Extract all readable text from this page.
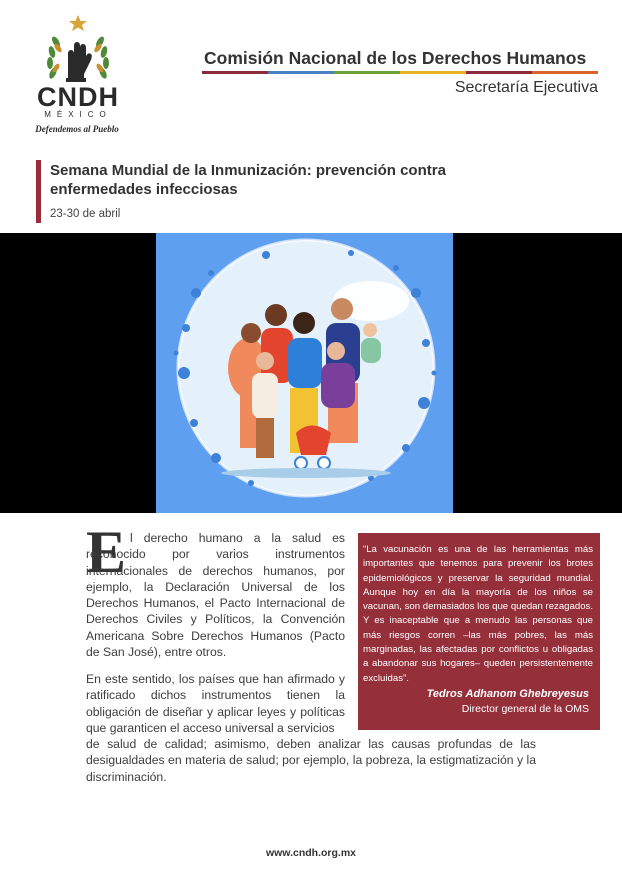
CNDH
MÉXICO
Defendemos al Pueblo
Comisión Nacional de los Derechos Humanos
Secretaría Ejecutiva
Semana Mundial de la Inmunización: prevención contra enfermedades infecciosas
23-30 de abril
E l derecho humano a la salud es reconocido por varios instrumentos internacionales de derechos humanos, por ejemplo, la Declaración Universal de los Derechos Humanos, el Pacto Internacional de Derechos Civiles y Políticos, la Convención Americana Sobre Derechos Humanos (Pacto de San José), entre otros.
En este sentido, los países que han afirmado y ratificado dichos instrumentos tienen la obligación de diseñar y aplicar leyes y políticas que garanticen el acceso universal a servicios
de salud de calidad; asimismo, deben analizar las causas profundas de las desigualdades en materia de salud; por ejemplo, la pobreza, la estigmatización y la discriminación.
“La vacunación es una de las herramientas más importantes que tenemos para prevenir los brotes epidemiológicos y preservar la seguridad mundial. Aunque hoy en día la mayoría de los niños se vacunan, son demasiados los que quedan rezagados. Y es inaceptable que a menudo las personas que más riesgos corren –las más pobres, las más marginadas, las afectadas por conflictos u obligadas a abandonar sus hogares– queden persistentemente excluidas”.
Tedros Adhanom Ghebreyesus
Director general de la OMS
www.cndh.org.mx
